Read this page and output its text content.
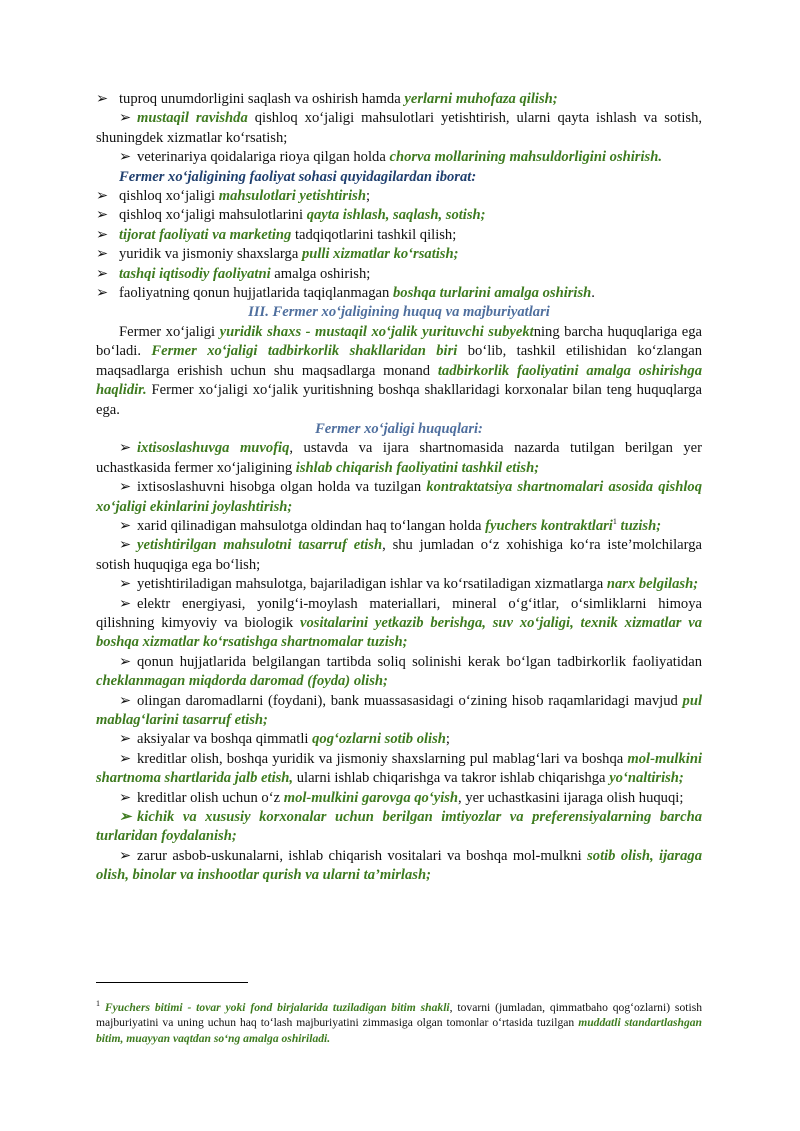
➢ tuproq unumdorligini saqlash va oshirish hamda yerlarni muhofaza qilish;

➢ mustaqil ravishda qishloq xo‘jaligi mahsulotlari yetishtirish, ularni qayta ishlash va sotish, shuningdek xizmatlar ko‘rsatish;

➢ veterinariya qoidalariga rioya qilgan holda chorva mollarining mahsuldorligini oshirish.

Fermer xo‘jaligining faoliyat sohasi quyidagilardan iborat:

➢ qishloq xo‘jaligi mahsulotlari yetishtirish;

➢ qishloq xo‘jaligi mahsulotlarini qayta ishlash, saqlash, sotish;

➢ tijorat faoliyati va marketing tadqiqotlarini tashkil qilish;

➢ yuridik va jismoniy shaxslarga pulli xizmatlar ko‘rsatish;

➢ tashqi iqtisodiy faoliyatni amalga oshirish;

➢ faoliyatning qonun hujjatlarida taqiqlanmagan boshqa turlarini amalga oshirish.

III. Fermer xo‘jaligining huquq va majburiyatlari

Fermer xo‘jaligi yuridik shaxs - mustaqil xo‘jalik yurituvchi subyektning barcha huquqlariga ega bo‘ladi. Fermer xo‘jaligi tadbirkorlik shakllaridan biri bo‘lib, tashkil etilishidan ko‘zlangan maqsadlarga erishish uchun shu maqsadlarga monand tadbirkorlik faoliyatini amalga oshirishga haqlidir. Fermer xo‘jaligi xo‘jalik yuritishning boshqa shakllaridagi korxonalar bilan teng huquqlarga ega.

Fermer xo‘jaligi huquqlari:

➢ ixtisoslashuvga muvofiq, ustavda va ijara shartnomasida nazarda tutilgan berilgan yer uchastkasida fermer xo‘jaligining ishlab chiqarish faoliyatini tashkil etish;

➢ ixtisoslashuvni hisobga olgan holda va tuzilgan kontraktatsiya shartnomalari asosida qishloq xo‘jaligi ekinlarini joylashtirish;

➢ xarid qilinadigan mahsulotga oldindan haq to‘langan holda fyuchers kontraktlari$^1$ tuzish;

➢ yetishtirilgan mahsulotni tasarruf etish, shu jumladan o‘z xohishiga ko‘ra iste’molchilarga sotish huquqiga ega bo‘lish;

➢ yetishtiriladigan mahsulotga, bajariladigan ishlar va ko‘rsatiladigan xizmatlarga narx belgilash;

➢ elektr energiyasi, yonilg‘i-moylash materiallari, mineral o‘g‘itlar, o‘simliklarni himoya qilishning kimyoviy va biologik vositalarini yetkazib berishga, suv xo‘jaligi, texnik xizmatlar va boshqa xizmatlar ko‘rsatishga shartnomalar tuzish;

➢ qonun hujjatlarida belgilangan tartibda soliq solinishi kerak bo‘lgan tadbirkorlik faoliyatidan cheklanmagan miqdorda daromad (foyda) olish;

➢ olingan daromadlarni (foydani), bank muassasasidagi o‘zining hisob raqamlaridagi mavjud pul mablag‘larini tasarruf etish;

➢ aksiyalar va boshqa qimmatli qog‘ozlarni sotib olish;

➢ kreditlar olish, boshqa yuridik va jismoniy shaxslarning pul mablag‘lari va boshqa mol-mulkini shartnoma shartlarida jalb etish, ularni ishlab chiqarishga va takror ishlab chiqarishga yo‘naltirish;

➢ kreditlar olish uchun o‘z mol-mulkini garovga qo‘yish, yer uchastkasini ijaraga olish huquqi;

➢ kichik va xususiy korxonalar uchun berilgan imtiyozlar va preferensiyalarning barcha turlaridan foydalanish;

➢ zarur asbob-uskunalarni, ishlab chiqarish vositalari va boshqa mol-mulkni sotib olish, ijaraga olish, binolar va inshootlar qurish va ularni ta’mirlash;

$^1$ Fyuchers bitimi - tovar yoki fond birjalarida tuziladigan bitim shakli, tovarni (jumladan, qimmatbaho qog‘ozlarni) sotish majburiyatini va uning uchun haq to‘lash majburiyatini zimmasiga olgan tomonlar o‘rtasida tuzilgan muddatli standartlashgan bitim, muayyan vaqtdan so‘ng amalga oshiriladi.
